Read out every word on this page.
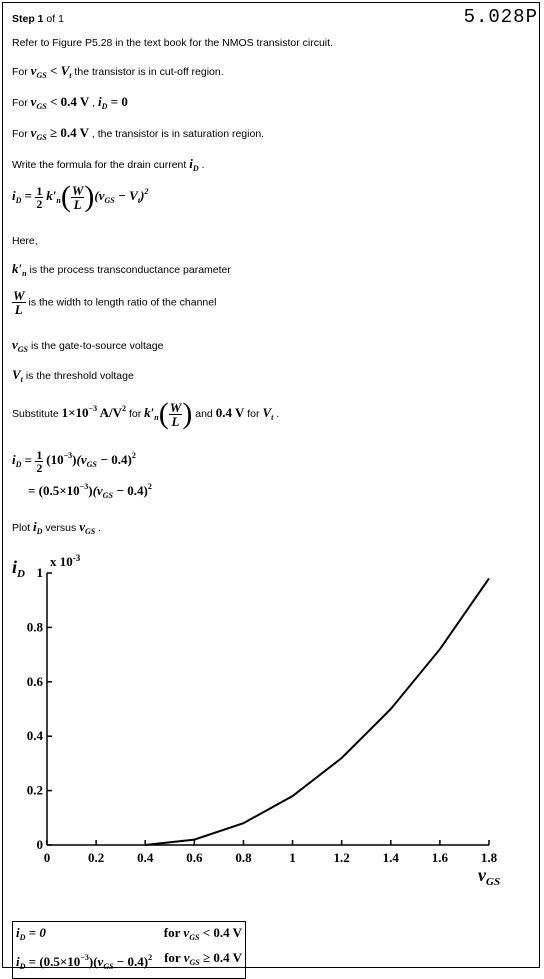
Step 1 of 1	5.028P
Refer to Figure P5.28 in the text book for the NMOS transistor circuit.
For $v_{GS} < V_t$ the transistor is in cut-off region.
For $v_{GS} < 0.4$ V , $i_D = 0$
For $v_{GS} \ge 0.4$ V , the transistor is in saturation region.
Write the formula for the drain current $i_D$ .
$i_D = \frac{1}{2} k'_n( \frac{W}{L} )(v_{GS} - V_t)^2$
Here,
$k'_n$ is the process transconductance parameter
$\frac{W}{L}$ is the width to length ratio of the channel
$v_{GS}$ is the gate-to-source voltage
$V_t$ is the threshold voltage
Substitute $1\times 10^{-3}$ $A/V^2$ for $k'_n( \frac{W}{L}$ ) and 0.4 V for $V_t$ .
$i_D = \frac{1}{2} (10^{-3})(v_{GS} - 0.4)^2$
= $(0.5\times 10^{-3})(v_{GS} - 0.4)^2$
Plot $i_D$ versus $v_{GS}$ .
$i_D$
x $10^{-3}$
$v_{GS}$
0	0.2	0.4	0.6	0.8	1	1.2	1.4	1.6	1.8
0
0.2
0.4
0.6
0.8
1
$i_D = 0$	for $v_{GS} < 0.4$ V
$i_D = (0.5\times 10^{-3})(v_{GS} - 0.4)^2$ for $v_{GS} \ge 0.4$ V
